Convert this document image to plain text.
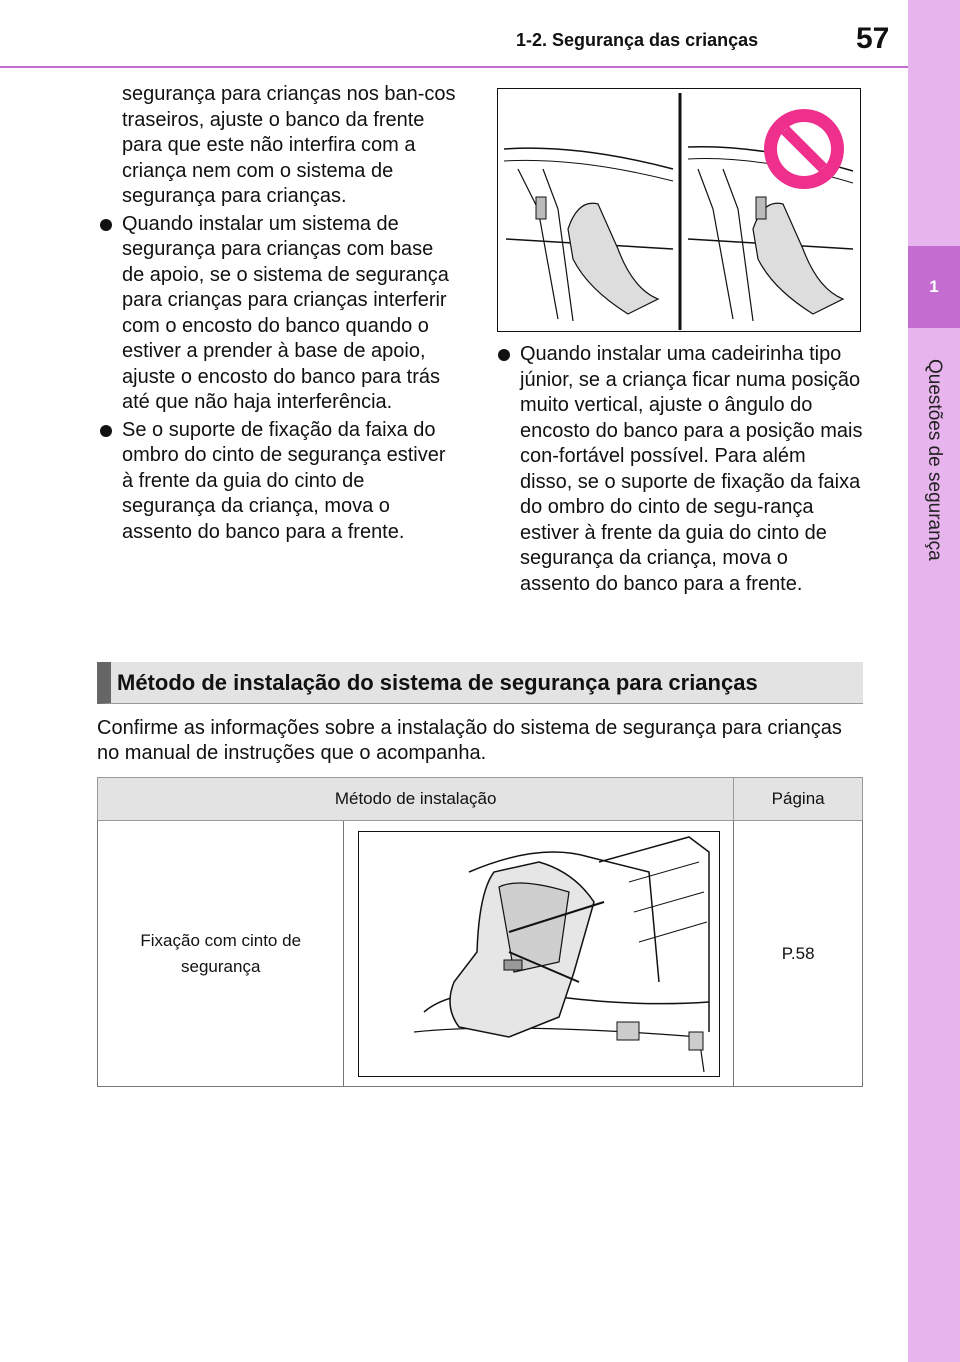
1-2. Segurança das crianças	57
1
Questões de segurança

segurança para crianças nos ban-cos traseiros, ajuste o banco da frente para que este não interfira com a criança nem com o sistema de segurança para crianças.

Quando instalar um sistema de segurança para crianças com base de apoio, se o sistema de segurança para crianças para crianças interferir com o encosto do banco quando o estiver a prender à base de apoio, ajuste o encosto do banco para trás até que não haja interferência.
Se o suporte de fixação da faixa do ombro do cinto de segurança estiver à frente da guia do cinto de segurança da criança, mova o assento do banco para a frente.
Quando instalar uma cadeirinha tipo júnior, se a criança ficar numa posição muito vertical, ajuste o ângulo do encosto do banco para a posição mais con-fortável possível. Para além disso, se o suporte de fixação da faixa do ombro do cinto de segu-rança estiver à frente da guia do cinto de segurança da criança, mova o assento do banco para a frente.
Método de instalação do sistema de segurança para crianças
Confirme as informações sobre a instalação do sistema de segurança para crianças no manual de instruções que o acompanha.
Método de instalação		Página
Fixação com cinto de segurança		P.58
